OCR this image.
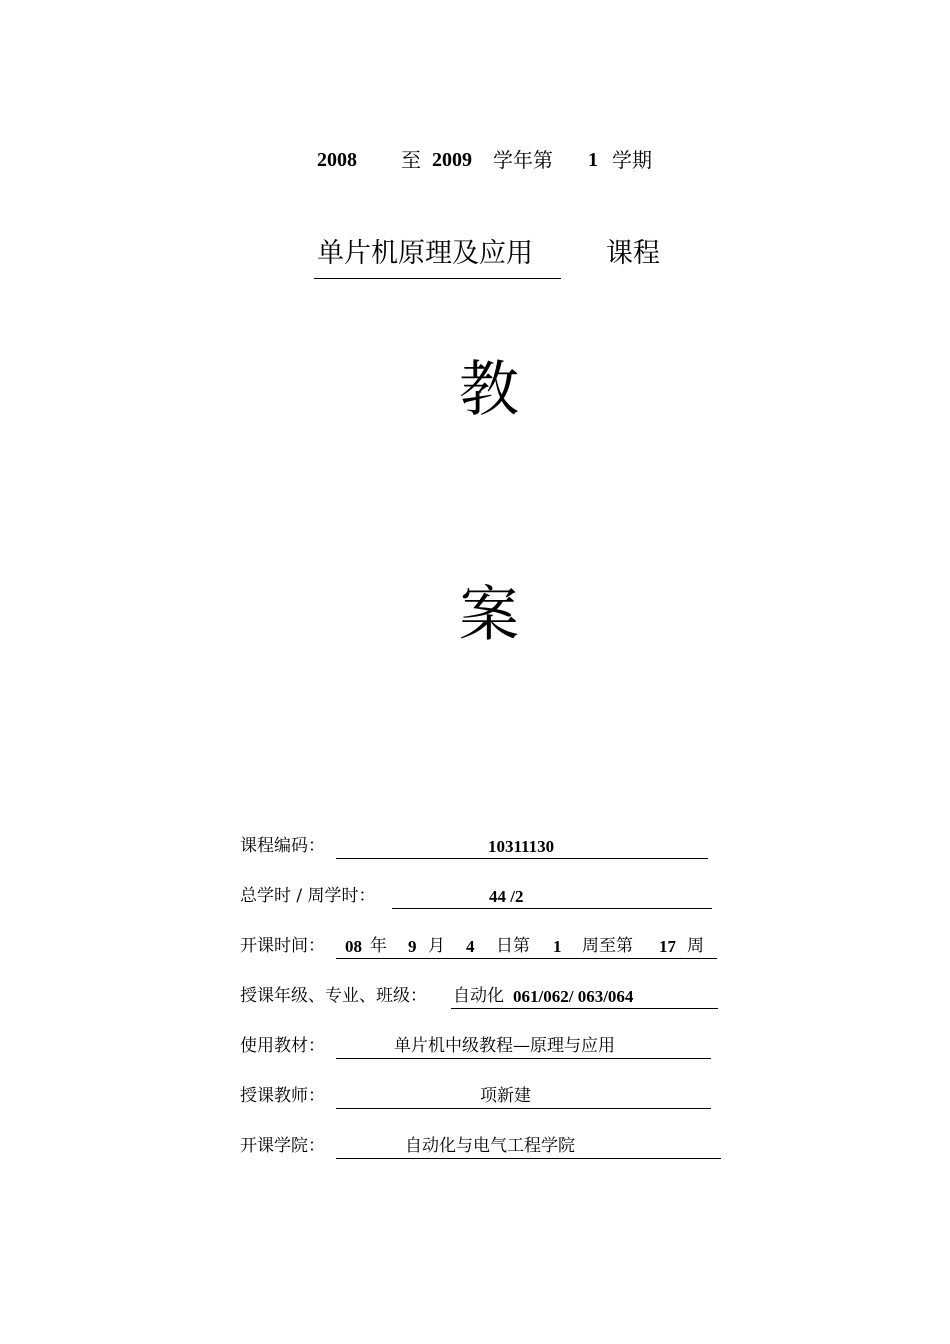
2008 至 2009 学年第 1 学期
单片机原理及应用	课程
教
案
课程编码：	10311130
总学时 / 周学时：	44 /2
开课时间： 08 年 9 月 4 日第 1 周至第 17 周
授课年级、专业、班级： 自动化 061/062/ 063/064
使用教材：	单片机中级教程—原理与应用
授课教师：	项新建
开课学院：	自动化与电气工程学院
